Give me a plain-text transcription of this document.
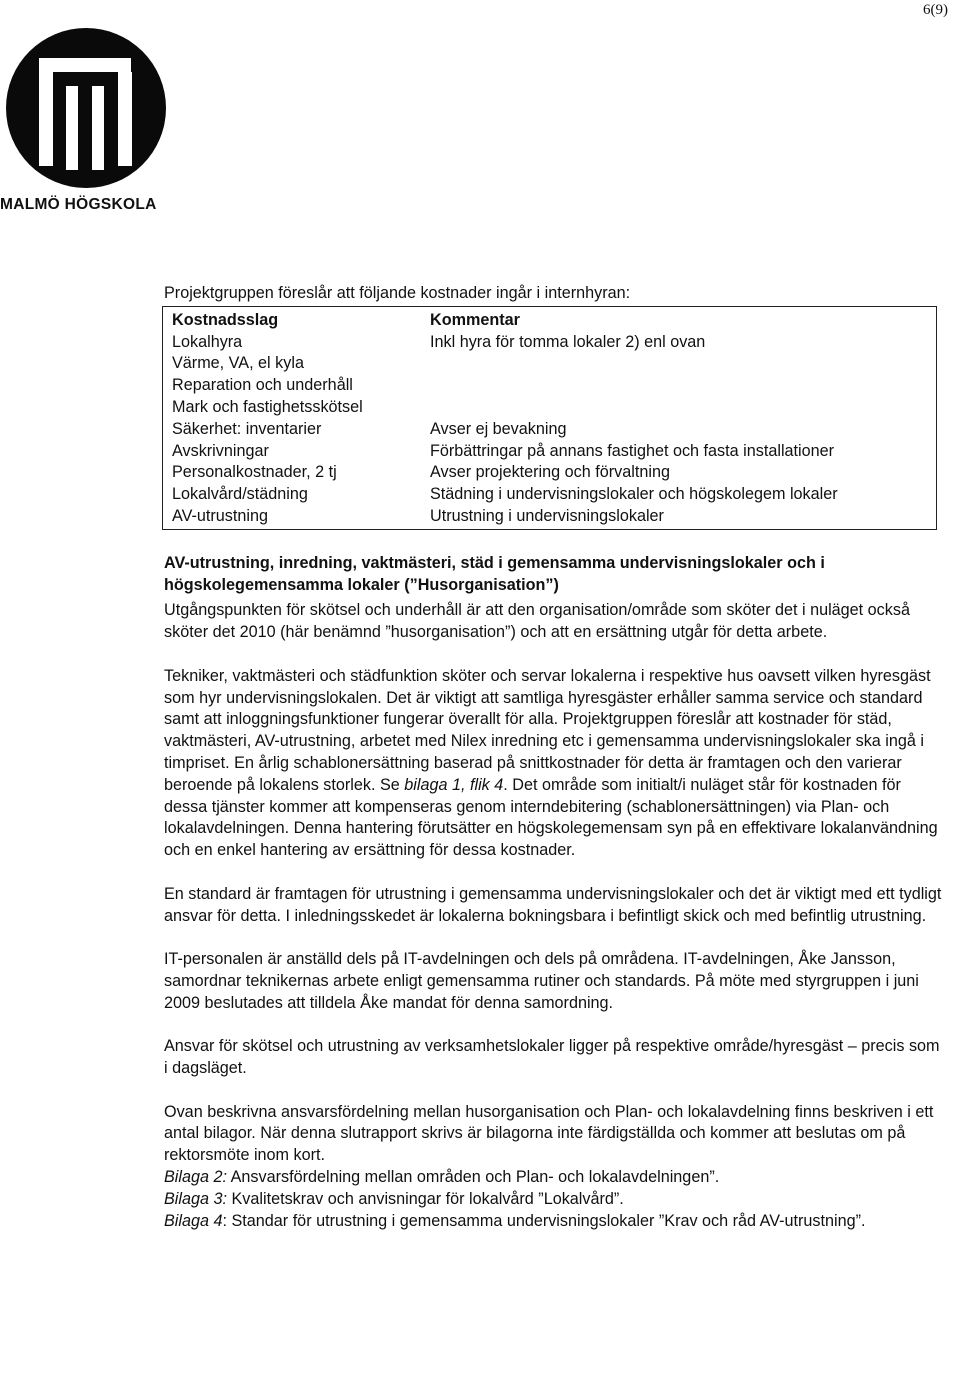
6(9)
MALMÖ HÖGSKOLA

Projektgruppen föreslår att följande kostnader ingår i internhyran:

Kostnadsslag	Kommentar
Lokalhyra	Inkl hyra för tomma lokaler 2) enl ovan
Värme, VA, el kyla	
Reparation och underhåll	
Mark och fastighetsskötsel	
Säkerhet: inventarier	Avser ej bevakning
Avskrivningar	Förbättringar på annans fastighet och fasta installationer
Personalkostnader, 2 tj	Avser projektering och förvaltning
Lokalvård/städning	Städning i undervisningslokaler och högskolegem lokaler
AV-utrustning	Utrustning i undervisningslokaler

AV-utrustning, inredning, vaktmästeri, städ i gemensamma undervisningslokaler och i högskolegemensamma lokaler (”Husorganisation”)

Utgångspunkten för skötsel och underhåll är att den organisation/område som sköter det i nuläget också sköter det 2010 (här benämnd ”husorganisation”) och att en ersättning utgår för detta arbete.

Tekniker, vaktmästeri och städfunktion sköter och servar lokalerna i respektive hus oavsett vilken hyresgäst som hyr undervisningslokalen. Det är viktigt att samtliga hyresgäster erhåller samma service och standard samt att inloggningsfunktioner fungerar överallt för alla. Projektgruppen föreslår att kostnader för städ, vaktmästeri, AV-utrustning, arbetet med Nilex inredning etc i gemensamma undervisningslokaler ska ingå i timpriset. En årlig schablonersättning baserad på snittkostnader för detta är framtagen och den varierar beroende på lokalens storlek. Se bilaga 1, flik 4. Det område som initialt/i nuläget står för kostnaden för dessa tjänster kommer att kompenseras genom interndebitering (schablonersättningen) via Plan- och lokalavdelningen. Denna hantering förutsätter en högskolegemensam syn på en effektivare lokalanvändning och en enkel hantering av ersättning för dessa kostnader.

En standard är framtagen för utrustning i gemensamma undervisningslokaler och det är viktigt med ett tydligt ansvar för detta. I inledningsskedet är lokalerna bokningsbara i befintligt skick och med befintlig utrustning.

IT-personalen är anställd dels på IT-avdelningen och dels på områdena. IT-avdelningen, Åke Jansson, samordnar teknikernas arbete enligt gemensamma rutiner och standards. På möte med styrgruppen i juni 2009 beslutades att tilldela Åke mandat för denna samordning.

Ansvar för skötsel och utrustning av verksamhetslokaler ligger på respektive område/hyresgäst – precis som i dagsläget.

Ovan beskrivna ansvarsfördelning mellan husorganisation och Plan- och lokalavdelning finns beskriven i ett antal bilagor. När denna slutrapport skrivs är bilagorna inte färdigställda och kommer att beslutas om på rektorsmöte inom kort.
Bilaga 2: Ansvarsfördelning mellan områden och Plan- och lokalavdelningen”.
Bilaga 3: Kvalitetskrav och anvisningar för lokalvård ”Lokalvård”.
Bilaga 4: Standar för utrustning i gemensamma undervisningslokaler ”Krav och råd AV-utrustning”.
